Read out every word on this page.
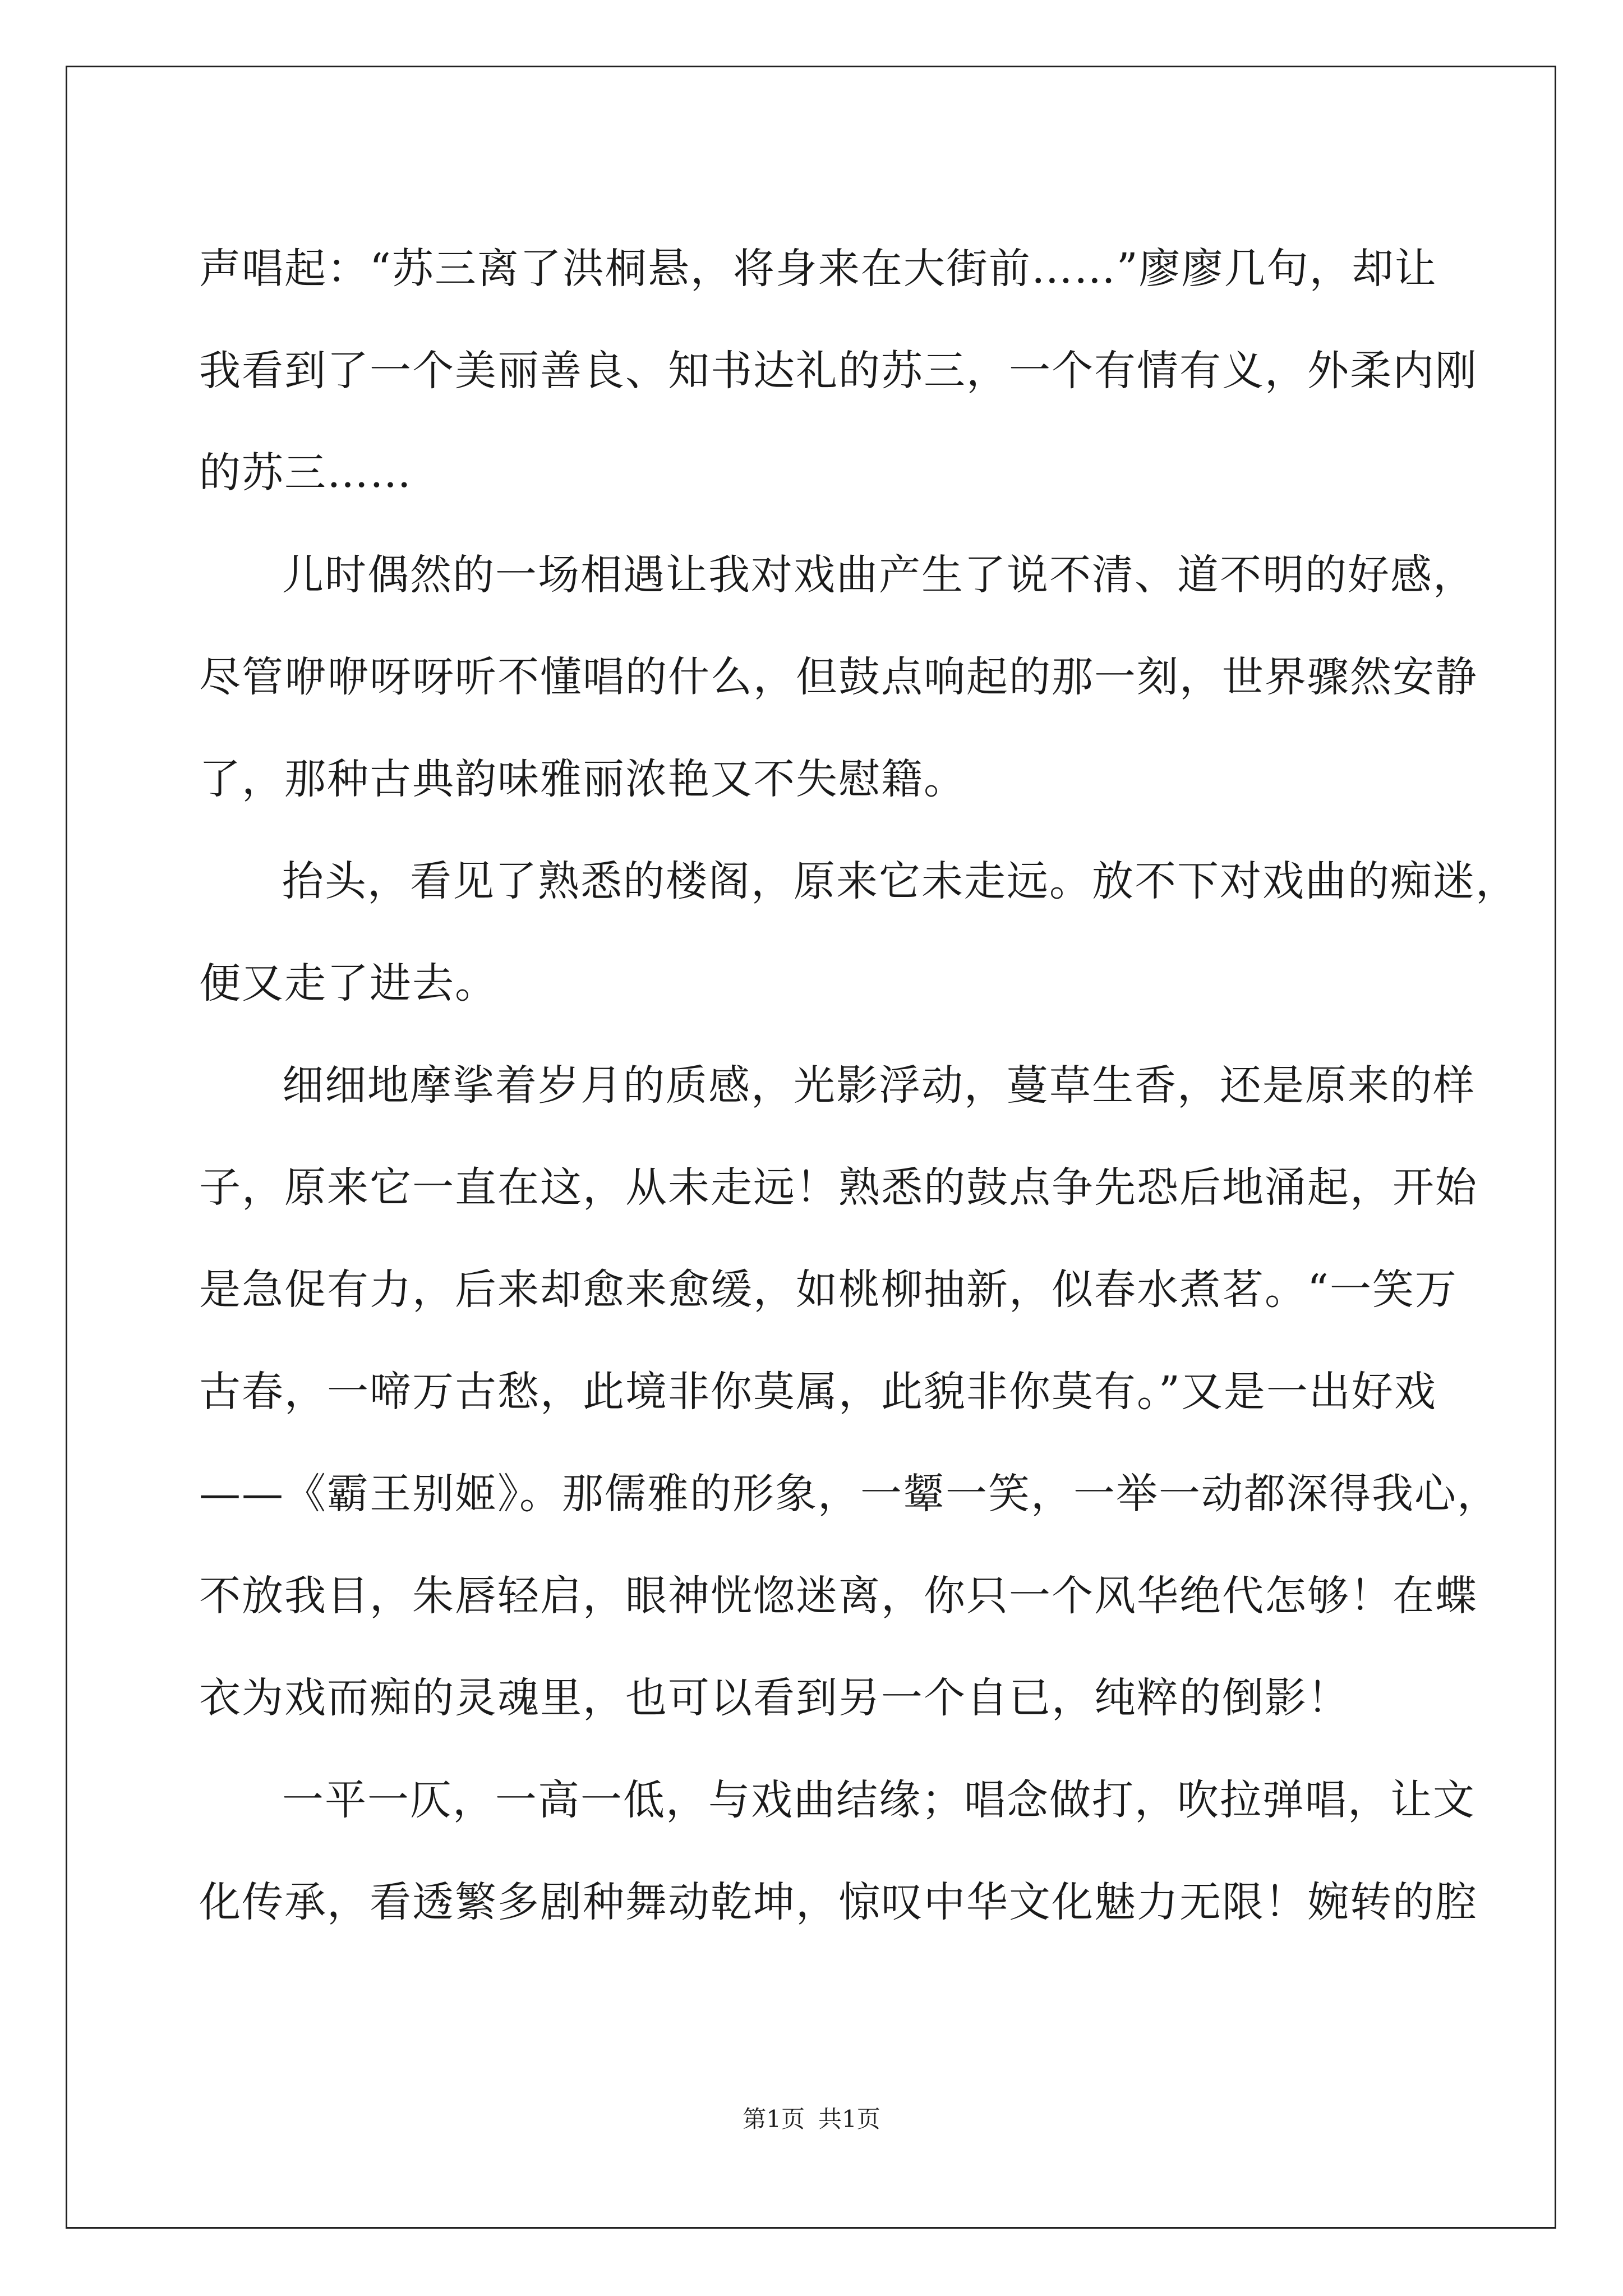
声唱起：“苏三离了洪桐悬，将身来在大街前……”廖廖几句，却让
我看到了一个美丽善良、知书达礼的苏三，一个有情有义，外柔内刚
的苏三……
儿时偶然的一场相遇让我对戏曲产生了说不清、道不明的好感，
尽管咿咿呀呀听不懂唱的什么，但鼓点响起的那一刻，世界骤然安静
了，那种古典韵味雅丽浓艳又不失慰籍。
抬头，看见了熟悉的楼阁，原来它未走远。放不下对戏曲的痴迷，
便又走了进去。
细细地摩挲着岁月的质感，光影浮动，蔓草生香，还是原来的样
子，原来它一直在这，从未走远！熟悉的鼓点争先恐后地涌起，开始
是急促有力，后来却愈来愈缓，如桃柳抽新，似春水煮茗。“一笑万
古春，一啼万古愁，此境非你莫属，此貌非你莫有。”又是一出好戏
——《霸王别姬》。那儒雅的形象，一颦一笑，一举一动都深得我心，
不放我目，朱唇轻启，眼神恍惚迷离，你只一个风华绝代怎够！在蝶
衣为戏而痴的灵魂里，也可以看到另一个自已，纯粹的倒影！
一平一仄，一高一低，与戏曲结缘；唱念做打，吹拉弹唱，让文
化传承，看透繁多剧种舞动乾坤，惊叹中华文化魅力无限！婉转的腔
第1页 共1页
